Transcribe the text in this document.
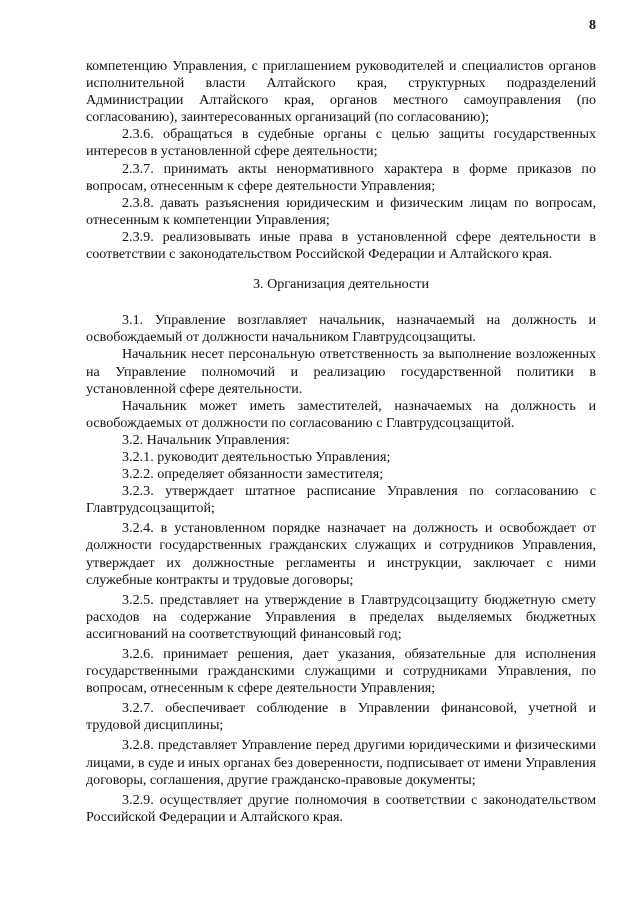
8

компетенцию Управления, с приглашением руководителей и специалистов органов исполнительной власти Алтайского края, структурных подразделений Администрации Алтайского края, органов местного самоуправления (по согласованию), заинтересованных организаций (по согласованию);

2.3.6. обращаться в судебные органы с целью защиты государственных интересов в установленной сфере деятельности;

2.3.7. принимать акты ненормативного характера в форме приказов по вопросам, отнесенным к сфере деятельности Управления;

2.3.8. давать разъяснения юридическим и физическим лицам по вопросам, отнесенным к компетенции Управления;

2.3.9. реализовывать иные права в установленной сфере деятельности в соответствии с законодательством Российской Федерации и Алтайского края.

3. Организация деятельности

3.1. Управление возглавляет начальник, назначаемый на должность и освобождаемый от должности начальником Главтрудсоцзащиты.

Начальник несет персональную ответственность за выполнение возложенных на Управление полномочий и реализацию государственной политики в установленной сфере деятельности.

Начальник может иметь заместителей, назначаемых на должность и освобождаемых от должности по согласованию с Главтрудсоцзащитой.

3.2. Начальник Управления:

3.2.1. руководит деятельностью Управления;

3.2.2. определяет обязанности заместителя;

3.2.3. утверждает штатное расписание Управления по согласованию с Главтрудсоцзащитой;

3.2.4. в установленном порядке назначает на должность и освобождает от должности государственных гражданских служащих и сотрудников Управления, утверждает их должностные регламенты и инструкции, заключает с ними служебные контракты и трудовые договоры;

3.2.5. представляет на утверждение в Главтрудсоцзащиту бюджетную смету расходов на содержание Управления в пределах выделяемых бюджетных ассигнований на соответствующий финансовый год;

3.2.6. принимает решения, дает указания, обязательные для исполнения государственными гражданскими служащими и сотрудниками Управления, по вопросам, отнесенным к сфере деятельности Управления;

3.2.7. обеспечивает соблюдение в Управлении финансовой, учетной и трудовой дисциплины;

3.2.8. представляет Управление перед другими юридическими и физическими лицами, в суде и иных органах без доверенности, подписывает от имени Управления договоры, соглашения, другие гражданско-правовые документы;

3.2.9. осуществляет другие полномочия в соответствии с законодательством Российской Федерации и Алтайского края.
